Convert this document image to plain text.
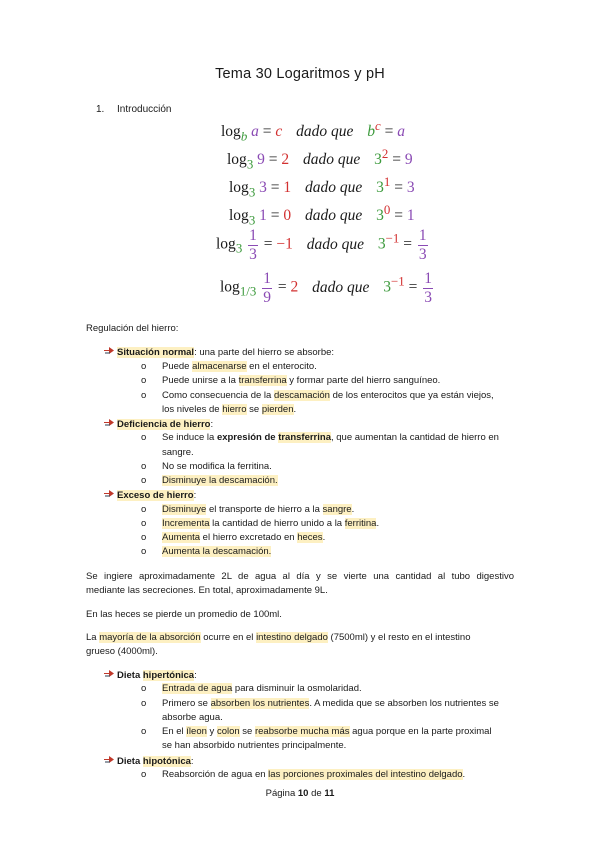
Tema 30 Logaritmos y pH
1. Introducción
$\log_b a = c$ dado que $b^c = a$
$\log_3 9 = 2$ dado que $3^2 = 9$
$\log_3 3 = 1$ dado que $3^1 = 3$
$\log_3 1 = 0$ dado que $3^0 = 1$
$\log_3 \frac{1}{3} = -1$ dado que $3^{-1} = \frac{1}{3}$
$\log_{1/3} \frac{1}{9} = 2$ dado que $3^{-1} = \frac{1}{3}$
Regulación del hierro:
Situación normal: una parte del hierro se absorbe:
o Puede almacenarse en el enterocito.
o Puede unirse a la transferrina y formar parte del hierro sanguíneo.
o Como consecuencia de la descamación de los enterocitos que ya están viejos,
los niveles de hierro se pierden.
Deficiencia de hierro:
o Se induce la expresión de transferrina, que aumentan la cantidad de hierro en
sangre.
o No se modifica la ferritina.
o Disminuye la descamación.
Exceso de hierro:
o Disminuye el transporte de hierro a la sangre.
o Incrementa la cantidad de hierro unido a la ferritina.
o Aumenta el hierro excretado en heces.
o Aumenta la descamación.
Se ingiere aproximadamente 2L de agua al día y se vierte una cantidad al tubo digestivo
mediante las secreciones. En total, aproximadamente 9L.
En las heces se pierde un promedio de 100ml.
La mayoría de la absorción ocurre en el intestino delgado (7500ml) y el resto en el intestino
grueso (4000ml).
Dieta hipertónica:
o Entrada de agua para disminuir la osmolaridad.
o Primero se absorben los nutrientes. A medida que se absorben los nutrientes se
absorbe agua.
o En el íleon y colon se reabsorbe mucha más agua porque en la parte proximal
se han absorbido nutrientes principalmente.
Dieta hipotónica:
o Reabsorción de agua en las porciones proximales del intestino delgado.
Página 10 de 11
